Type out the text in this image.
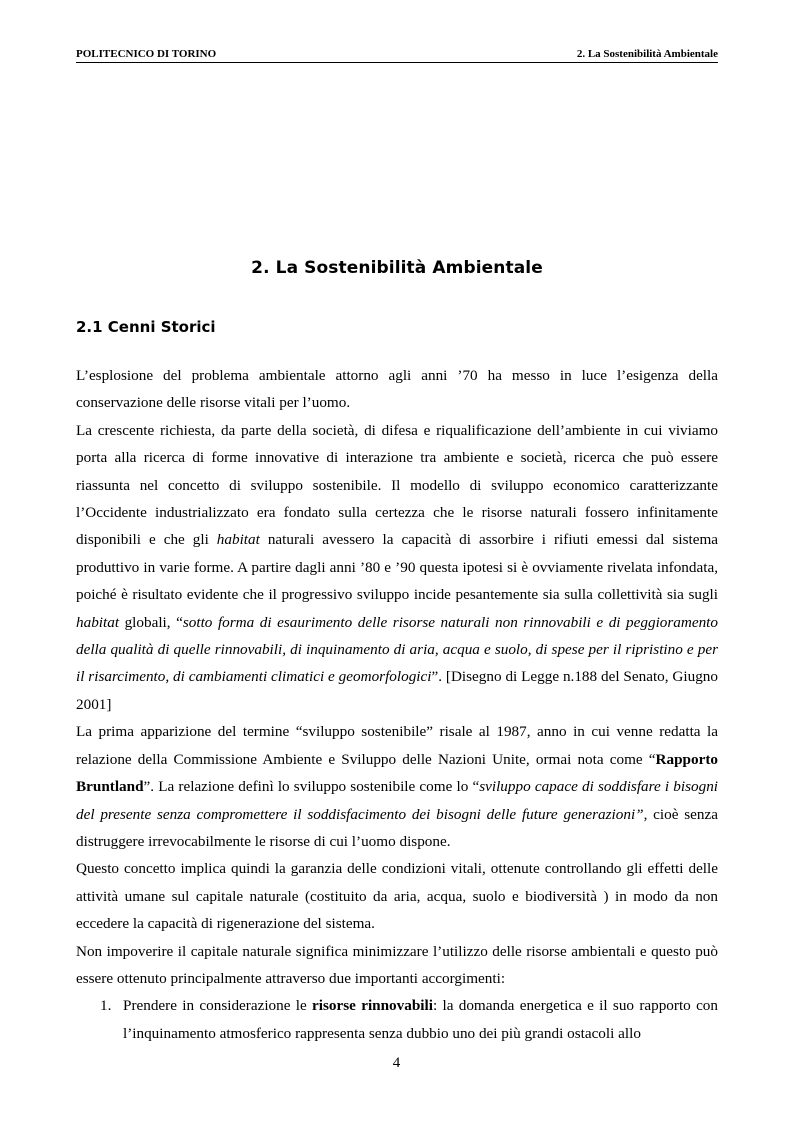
POLITECNICO DI TORINO	2. La Sostenibilità Ambientale
2. La Sostenibilità Ambientale
2.1 Cenni Storici

L’esplosione del problema ambientale attorno agli anni ’70 ha messo in luce l’esigenza della conservazione delle risorse vitali per l’uomo.

La crescente richiesta, da parte della società, di difesa e riqualificazione dell’ambiente in cui viviamo porta alla ricerca di forme innovative di interazione tra ambiente e società, ricerca che può essere riassunta nel concetto di sviluppo sostenibile. Il modello di sviluppo economico caratterizzante l’Occidente industrializzato era fondato sulla certezza che le risorse naturali fossero infinitamente disponibili e che gli habitat naturali avessero la capacità di assorbire i rifiuti emessi dal sistema produttivo in varie forme. A partire dagli anni ’80 e ’90 questa ipotesi si è ovviamente rivelata infondata, poiché è risultato evidente che il progressivo sviluppo incide pesantemente sia sulla collettività sia sugli habitat globali, “sotto forma di esaurimento delle risorse naturali non rinnovabili e di peggioramento della qualità di quelle rinnovabili, di inquinamento di aria, acqua e suolo, di spese per il ripristino e per il risarcimento, di cambiamenti climatici e geomorfologici”. [Disegno di Legge n.188 del Senato, Giugno 2001]

La prima apparizione del termine “sviluppo sostenibile” risale al 1987, anno in cui venne redatta la relazione della Commissione Ambiente e Sviluppo delle Nazioni Unite, ormai nota come “Rapporto Bruntland”. La relazione definì lo sviluppo sostenibile come lo “sviluppo capace di soddisfare i bisogni del presente senza compromettere il soddisfacimento dei bisogni delle future generazioni”, cioè senza distruggere irrevocabilmente le risorse di cui l’uomo dispone.

Questo concetto implica quindi la garanzia delle condizioni vitali, ottenute controllando gli effetti delle attività umane sul capitale naturale (costituito da aria, acqua, suolo e biodiversità ) in modo da non eccedere la capacità di rigenerazione del sistema.

Non impoverire il capitale naturale significa minimizzare l’utilizzo delle risorse ambientali e questo può essere ottenuto principalmente attraverso due importanti accorgimenti:

1. Prendere in considerazione le risorse rinnovabili: la domanda energetica e il suo rapporto con l’inquinamento atmosferico rappresenta senza dubbio uno dei più grandi ostacoli allo
4
